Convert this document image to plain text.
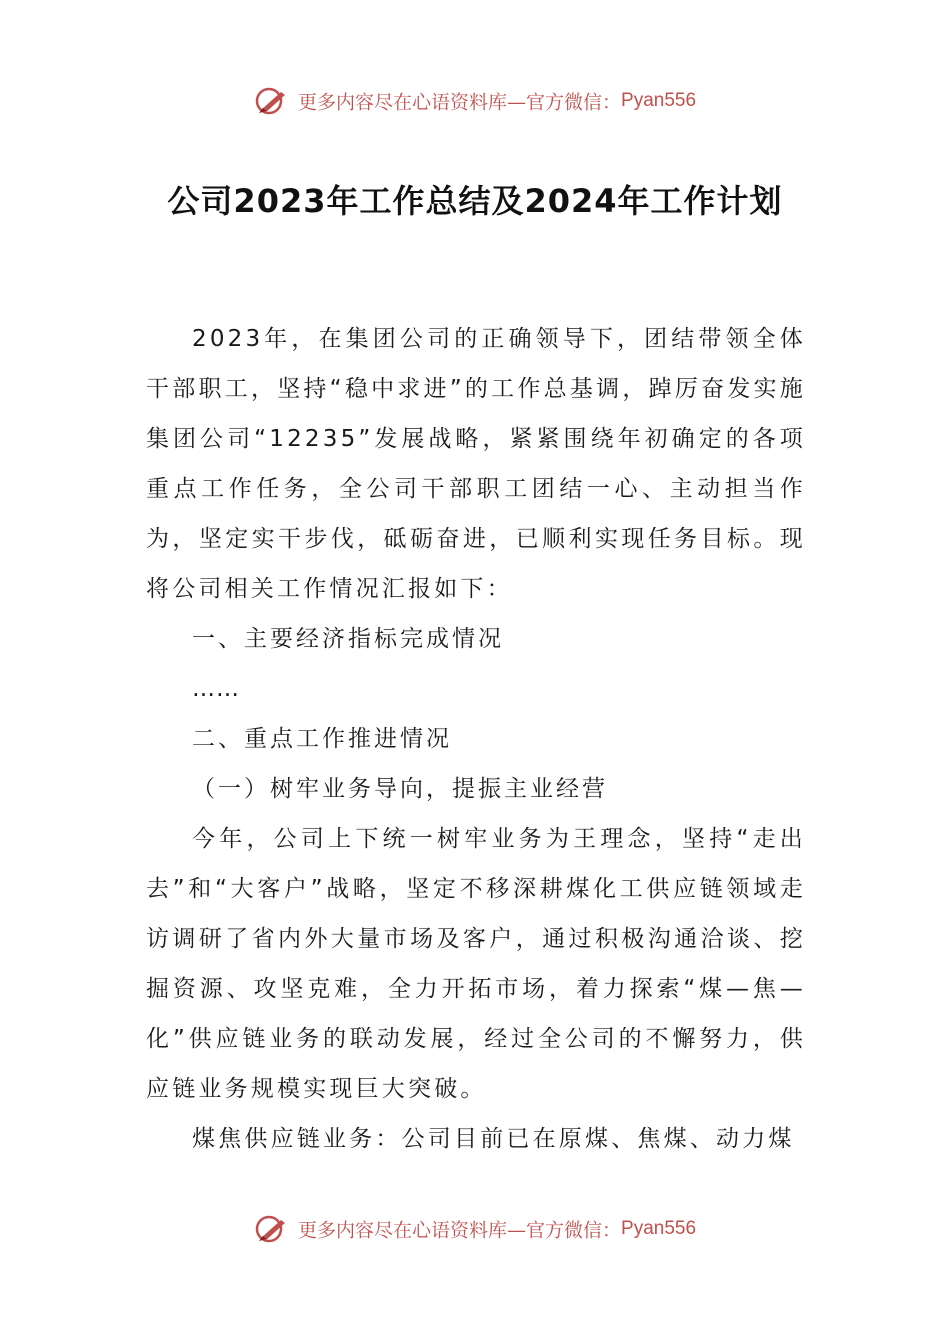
更多内容尽在心语资料库—官方微信：Pyan556
公司2023年工作总结及2024年工作计划

2023年，在集团公司的正确领导下，团结带领全体干部职工，坚持“稳中求进”的工作总基调，踔厉奋发实施集团公司“12235”发展战略，紧紧围绕年初确定的各项重点工作任务，全公司干部职工团结一心、主动担当作为，坚定实干步伐，砥砺奋进，已顺利实现任务目标。现将公司相关工作情况汇报如下：

一、主要经济指标完成情况

……

二、重点工作推进情况

（一）树牢业务导向，提振主业经营

今年，公司上下统一树牢业务为王理念，坚持“走出去”和“大客户”战略，坚定不移深耕煤化工供应链领域走访调研了省内外大量市场及客户，通过积极沟通洽谈、挖掘资源、攻坚克难，全力开拓市场，着力探索“煤—焦—化”供应链业务的联动发展，经过全公司的不懈努力，供应链业务规模实现巨大突破。

煤焦供应链业务：公司目前已在原煤、焦煤、动力煤

更多内容尽在心语资料库—官方微信：Pyan556
